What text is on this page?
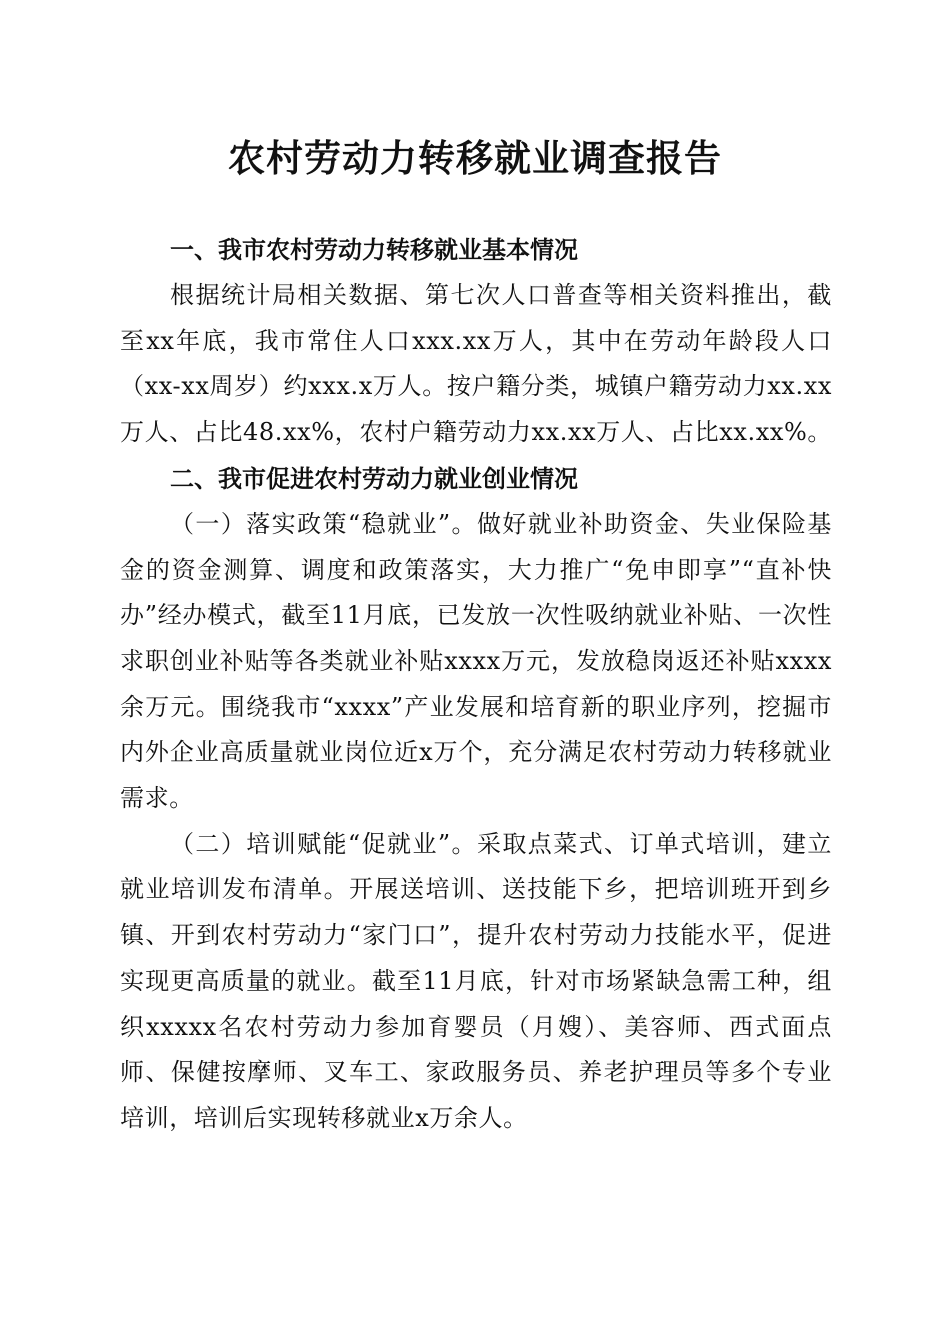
农村劳动力转移就业调查报告
一、我市农村劳动力转移就业基本情况

根据统计局相关数据、第七次人口普查等相关资料推出，截至xx年底，我市常住人口xxx.xx万人，其中在劳动年龄段人口（xx-xx周岁）约xxx.x万人。按户籍分类，城镇户籍劳动力xx.xx万人、占比48.xx%，农村户籍劳动力xx.xx万人、占比xx.xx%。

二、我市促进农村劳动力就业创业情况

（一）落实政策“稳就业”。做好就业补助资金、失业保险基金的资金测算、调度和政策落实，大力推广“免申即享”“直补快办”经办模式，截至11月底，已发放一次性吸纳就业补贴、一次性求职创业补贴等各类就业补贴xxxx万元，发放稳岗返还补贴xxxx余万元。围绕我市“xxxx”产业发展和培育新的职业序列，挖掘市内外企业高质量就业岗位近x万个，充分满足农村劳动力转移就业需求。

（二）培训赋能“促就业”。采取点菜式、订单式培训，建立就业培训发布清单。开展送培训、送技能下乡，把培训班开到乡镇、开到农村劳动力“家门口”，提升农村劳动力技能水平，促进实现更高质量的就业。截至11月底，针对市场紧缺急需工种，组织xxxxx名农村劳动力参加育婴员（月嫂）、美容师、西式面点师、保健按摩师、叉车工、家政服务员、养老护理员等多个专业培训，培训后实现转移就业x万余人。
